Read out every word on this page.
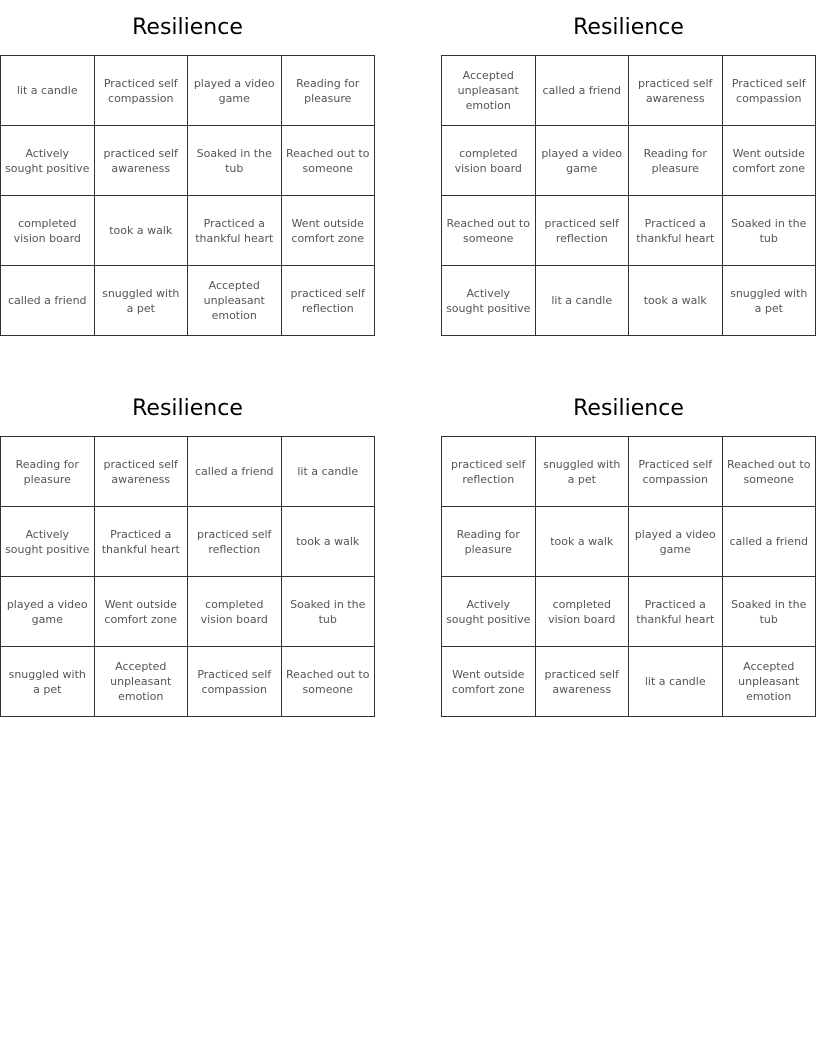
Resilience
lit a candle
Practiced self compassion
played a video game
Reading for pleasure
Actively sought positive
practiced self awareness
Soaked in the tub
Reached out to someone
completed vision board
took a walk
Practiced a thankful heart
Went outside comfort zone
called a friend
snuggled with a pet
Accepted unpleasant emotion
practiced self reflection
Resilience
Accepted unpleasant emotion
called a friend
practiced self awareness
Practiced self compassion
completed vision board
played a video game
Reading for pleasure
Went outside comfort zone
Reached out to someone
practiced self reflection
Practiced a thankful heart
Soaked in the tub
Actively sought positive
lit a candle	took a walk
snuggled with a pet
Resilience
Reading for pleasure
practiced self awareness
called a friend	lit a candle
Actively sought positive
Practiced a thankful heart
practiced self reflection
took a walk
played a video game
Went outside comfort zone
completed vision board
Soaked in the tub
snuggled with a pet
Accepted unpleasant emotion
Practiced self compassion
Reached out to someone
Resilience
practiced self reflection
snuggled with a pet
Practiced self compassion
Reached out to someone
Reading for pleasure
took a walk
played a video game
called a friend
Actively sought positive
completed vision board
Practiced a thankful heart
Soaked in the tub
Went outside comfort zone
practiced self awareness
lit a candle
Accepted unpleasant emotion
